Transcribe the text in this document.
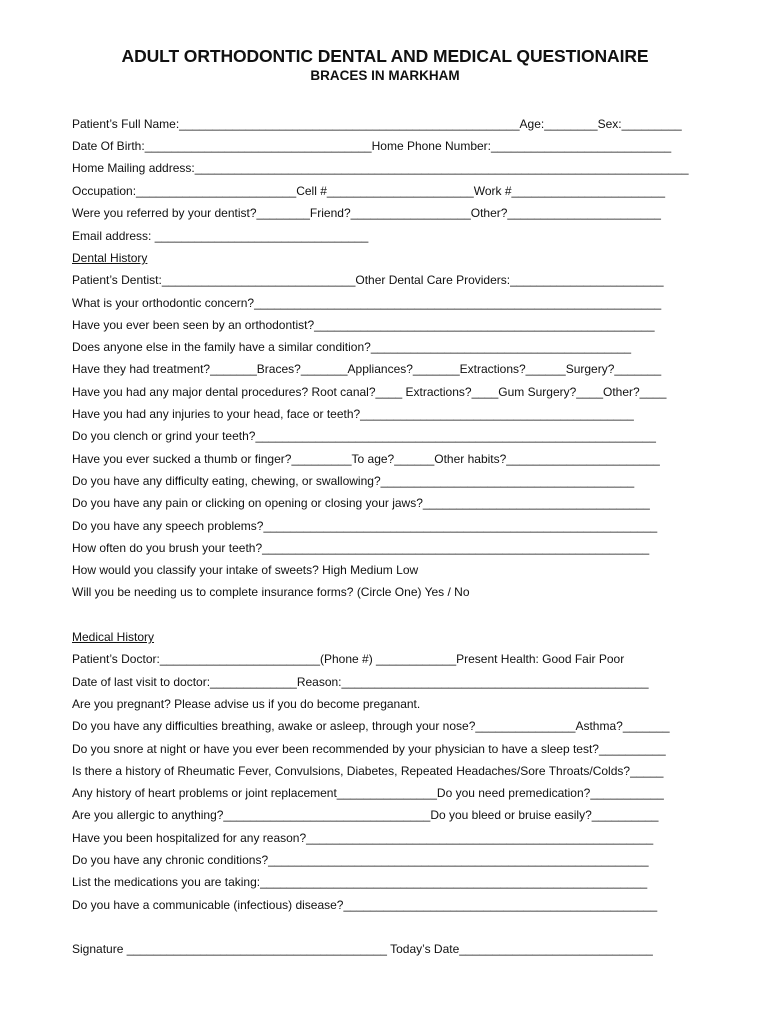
ADULT ORTHODONTIC DENTAL AND MEDICAL QUESTIONAIRE
BRACES IN MARKHAM
Patient’s Full Name:___________________________________________________Age:________Sex:_________
Date Of Birth:__________________________________Home Phone Number:___________________________
Home Mailing address:__________________________________________________________________________
Occupation:________________________Cell #______________________Work #_______________________
Were you referred by your dentist?________Friend?__________________Other?_______________________
Email address: ________________________________
Dental History
Patient’s Dentist:_____________________________Other Dental Care Providers:_______________________
What is your orthodontic concern?_____________________________________________________________
Have you ever been seen by an orthodontist?___________________________________________________
Does anyone else in the family have a similar condition?_______________________________________
Have they had treatment?_______Braces?_______Appliances?_______Extractions?______Surgery?_______
Have you had any major dental procedures? Root canal?____ Extractions?____Gum Surgery?____Other?____
Have you had any injuries to your head, face or teeth?_________________________________________
Do you clench or grind your teeth?____________________________________________________________
Have you ever sucked a thumb or finger?_________To age?______Other habits?_______________________
Do you have any difficulty eating, chewing, or swallowing?______________________________________
Do you have any pain or clicking on opening or closing your jaws?__________________________________
Do you have any speech problems?___________________________________________________________
How often do you brush your teeth?__________________________________________________________
How would you classify your intake of sweets? High Medium Low
Will you be needing us to complete insurance forms? (Circle One) Yes / No
Medical History
Patient’s Doctor:________________________(Phone #) ____________Present Health: Good Fair Poor
Date of last visit to doctor:_____________Reason:______________________________________________
Are you pregnant? Please advise us if you do become preganant.
Do you have any difficulties breathing, awake or asleep, through your nose?_______________Asthma?_______
Do you snore at night or have you ever been recommended by your physician to have a sleep test?__________
Is there a history of Rheumatic Fever, Convulsions, Diabetes, Repeated Headaches/Sore Throats/Colds?_____
Any history of heart problems or joint replacement_______________Do you need premedication?___________
Are you allergic to anything?_______________________________Do you bleed or bruise easily?__________
Have you been hospitalized for any reason?____________________________________________________
Do you have any chronic conditions?_________________________________________________________
List the medications you are taking:__________________________________________________________
Do you have a communicable (infectious) disease?_______________________________________________
Signature _______________________________________ Today’s Date_____________________________
